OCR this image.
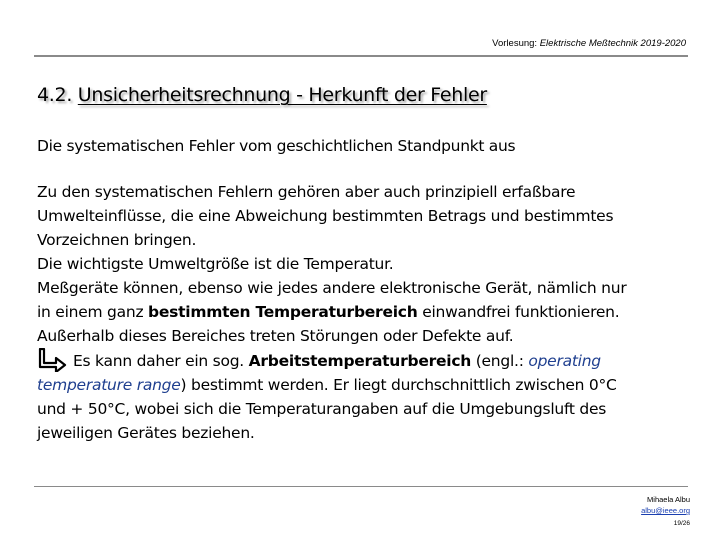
Vorlesung: Elektrische Meßtechnik 2019-2020
4.2. Unsicherheitsrechnung - Herkunft der Fehler
Die systematischen Fehler vom geschichtlichen Standpunkt aus

Zu den systematischen Fehlern gehören aber auch prinzipiell erfaßbare

Umwelteinflüsse, die eine Abweichung bestimmten Betrags und bestimmtes

Vorzeichnen bringen.

Die wichtigste Umweltgröße ist die Temperatur.

Meßgeräte können, ebenso wie jedes andere elektronische Gerät, nämlich nur

in einem ganz bestimmten Temperaturbereich einwandfrei funktionieren.

Außerhalb dieses Bereiches treten Störungen oder Defekte auf.

Es kann daher ein sog. Arbeitstemperaturbereich (engl.: operating

temperature range) bestimmt werden. Er liegt durchschnittlich zwischen 0°C

und + 50°C, wobei sich die Temperaturangaben auf die Umgebungsluft des

jeweiligen Gerätes beziehen.

Mihaela Albu
albu@ieee.org
19/26
